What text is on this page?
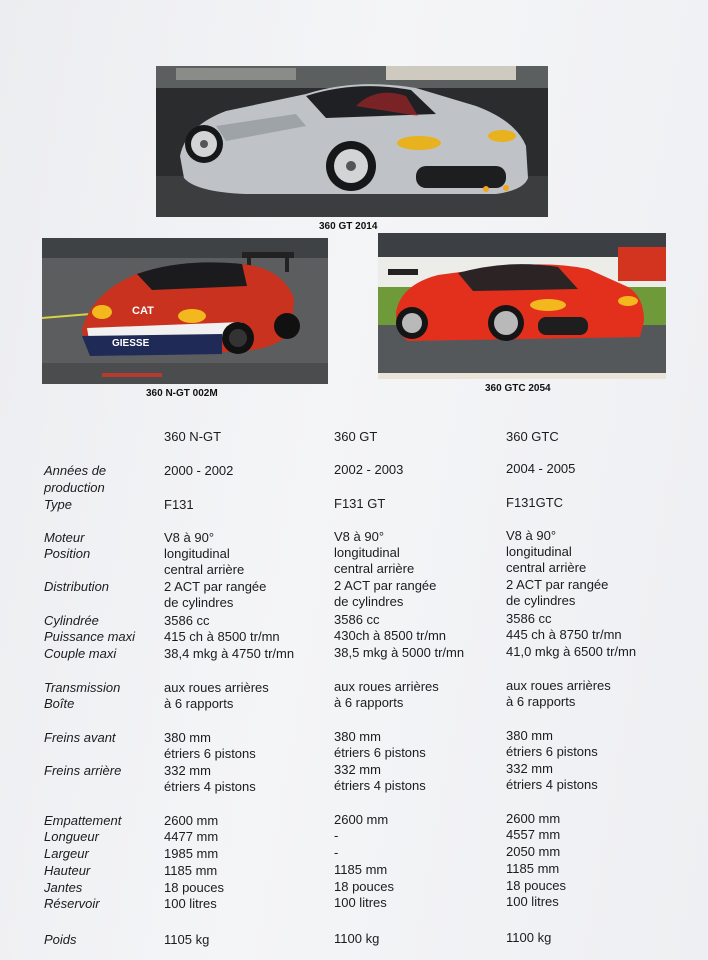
360 GT 2014
CAT
GIESSE
360 N-GT 002M	360 GTC 2054
360 N-GT	360 GT	360 GTC
Années de production
2000 - 2002	2002 - 2003	2004 - 2005
Type	F131	F131 GT	F131GTC
Moteur	V8 à 90°	V8 à 90°	V8 à 90°
Position	longitudinal	longitudinal	longitudinal
central arrière	central arrière	central arrière
Distribution	2 ACT par rangée	2 ACT par rangée	2 ACT par rangée
de cylindres	de cylindres	de cylindres
Cylindrée	3586 cc	3586 cc	3586 cc
Puissance maxi	415 ch à 8500 tr/mn	430ch à 8500 tr/mn	445 ch à 8750 tr/mn
Couple maxi	38,4 mkg à 4750 tr/mn	38,5 mkg à 5000 tr/mn	41,0 mkg à 6500 tr/mn
Transmission	aux roues arrières	aux roues arrières	aux roues arrières
Boîte	à 6 rapports	à 6 rapports	à 6 rapports
Freins avant	380 mm	380 mm	380 mm
étriers 6 pistons	étriers 6 pistons	étriers 6 pistons
Freins arrière	332 mm	332 mm	332 mm
étriers 4 pistons	étriers 4 pistons	étriers 4 pistons
Empattement	2600 mm	2600 mm	2600 mm
Longueur	4477 mm	-	4557 mm
Largeur	1985 mm	-	2050 mm
Hauteur	1185 mm	1185 mm	1185 mm
Jantes	18 pouces	18 pouces	18 pouces
Réservoir	100 litres	100 litres	100 litres
Poids	1105 kg	1100 kg	1100 kg
